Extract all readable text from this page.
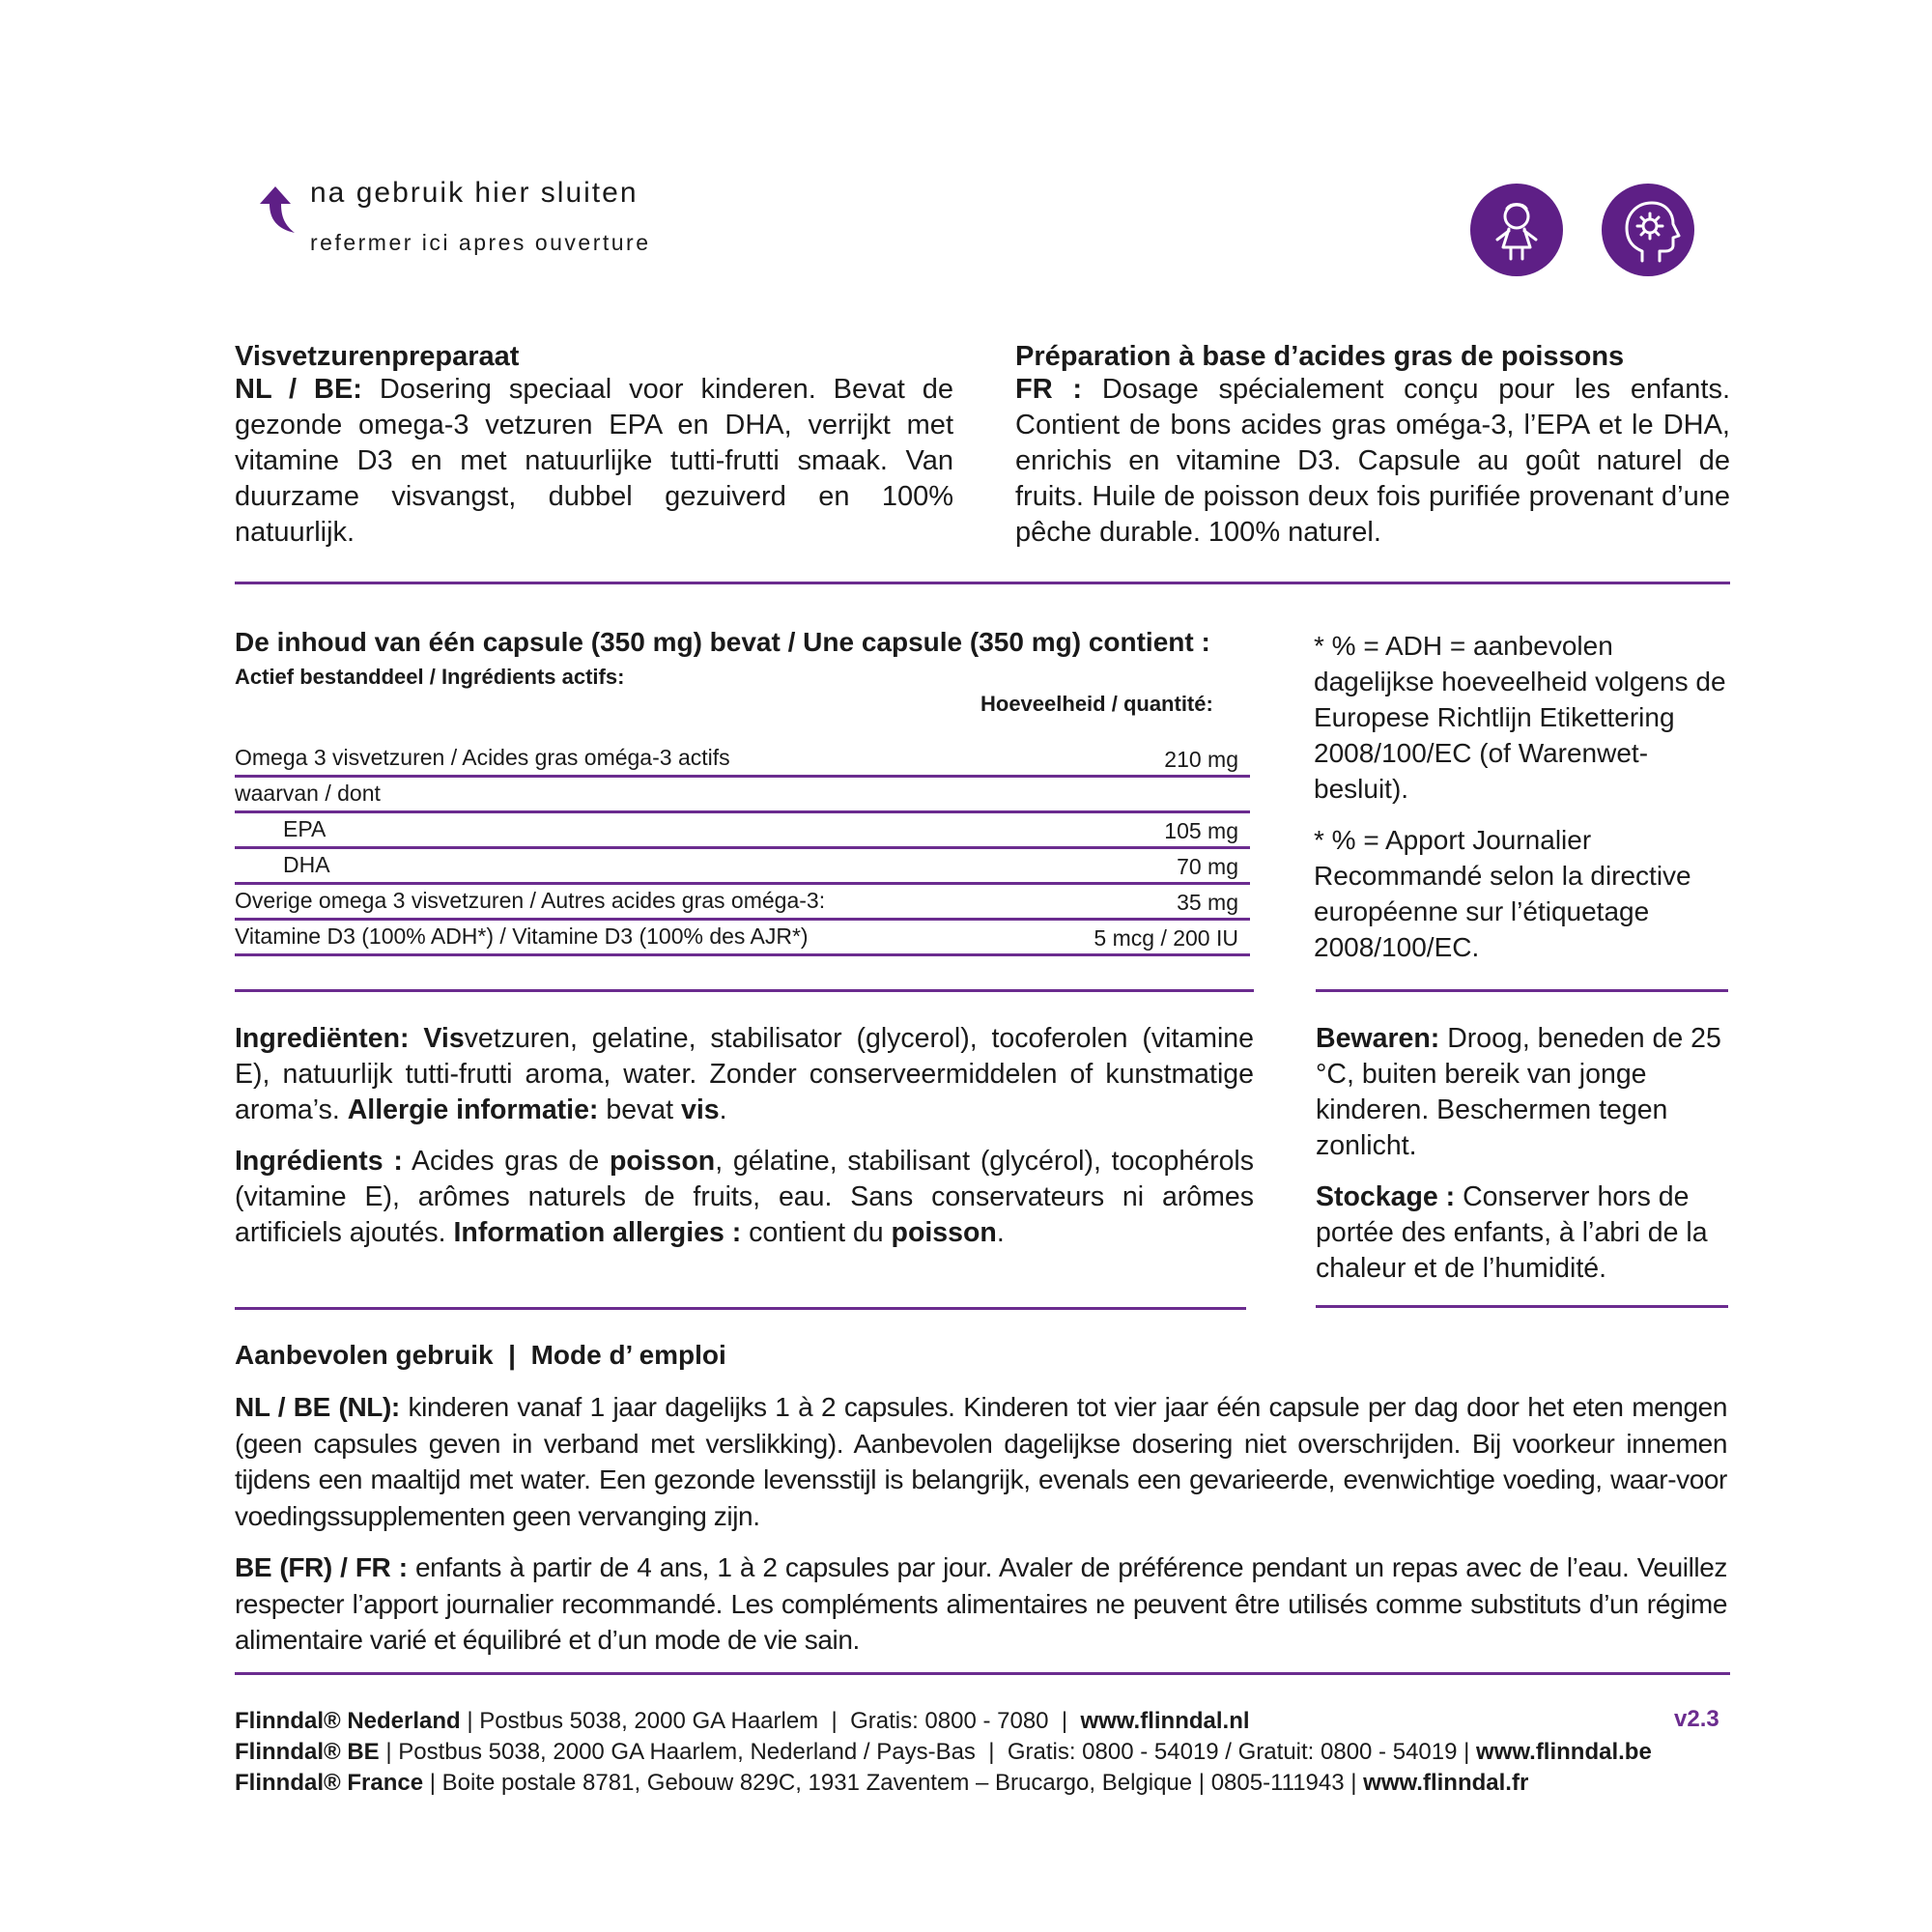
na gebruik hier sluiten
refermer ici apres ouverture
Visvetzurenpreparaat
NL / BE: Dosering speciaal voor kinderen. Bevat de gezonde omega-3 vetzuren EPA en DHA, verrijkt met vitamine D3 en met natuurlijke tutti-frutti smaak. Van duurzame visvangst, dubbel gezuiverd en 100% natuurlijk.
Préparation à base d’acides gras de poissons
FR : Dosage spécialement conçu pour les enfants. Contient de bons acides gras oméga-3, l’EPA et le DHA, enrichis en vitamine D3. Capsule au goût naturel de fruits. Huile de poisson deux fois purifiée provenant d’une pêche durable. 100% naturel.
De inhoud van één capsule (350 mg) bevat / Une capsule (350 mg) contient :
Actief bestanddeel / Ingrédients actifs:
Hoeveelheid / quantité:
Omega 3 visvetzuren / Acides gras oméga-3 actifs	210 mg
waarvan / dont
EPA	105 mg
DHA	70 mg
Overige omega 3 visvetzuren / Autres acides gras oméga-3:	35 mg
Vitamine D3 (100% ADH*) / Vitamine D3 (100% des AJR*)	5 mcg / 200 IU

* % = ADH = aanbevolen dagelijkse hoeveelheid volgens de Europese Richtlijn Etikettering 2008/100/EC (of Warenwet-besluit).

* % = Apport Journalier Recommandé selon la directive européenne sur l’étiquetage 2008/100/EC.

Ingrediënten: Visvetzuren, gelatine, stabilisator (glycerol), tocoferolen (vitamine E), natuurlijk tutti-frutti aroma, water. Zonder conserveermiddelen of kunstmatige aroma’s. Allergie informatie: bevat vis.

Ingrédients : Acides gras de poisson, gélatine, stabilisant (glycérol), tocophérols (vitamine E), arômes naturels de fruits, eau. Sans conservateurs ni arômes artificiels ajoutés. Information allergies : contient du poisson.

Bewaren: Droog, beneden de 25 °C, buiten bereik van jonge kinderen. Beschermen tegen zonlicht.

Stockage : Conserver hors de portée des enfants, à l’abri de la chaleur et de l’humidité.

Aanbevolen gebruik  |  Mode d’ emploi

NL / BE (NL): kinderen vanaf 1 jaar dagelijks 1 à 2 capsules. Kinderen tot vier jaar één capsule per dag door het eten mengen (geen capsules geven in verband met verslikking). Aanbevolen dagelijkse dosering niet overschrijden. Bij voorkeur innemen tijdens een maaltijd met water. Een gezonde levensstijl is belangrijk, evenals een gevarieerde, evenwichtige voeding, waar-voor voedingssupplementen geen vervanging zijn.

BE (FR) / FR : enfants à partir de 4 ans, 1 à 2 capsules par jour. Avaler de préférence pendant un repas avec de l’eau. Veuillez respecter l’apport journalier recommandé. Les compléments alimentaires ne peuvent être utilisés comme substituts d’un régime alimentaire varié et équilibré et d’un mode de vie sain.

Flinndal® Nederland | Postbus 5038, 2000 GA Haarlem  |  Gratis: 0800 - 7080  |  www.flinndal.nl
Flinndal® BE | Postbus 5038, 2000 GA Haarlem, Nederland / Pays-Bas  |  Gratis: 0800 - 54019 / Gratuit: 0800 - 54019 | www.flinndal.be
Flinndal® France | Boite postale 8781, Gebouw 829C, 1931 Zaventem – Brucargo, Belgique | 0805-111943 | www.flinndal.fr
v2.3
